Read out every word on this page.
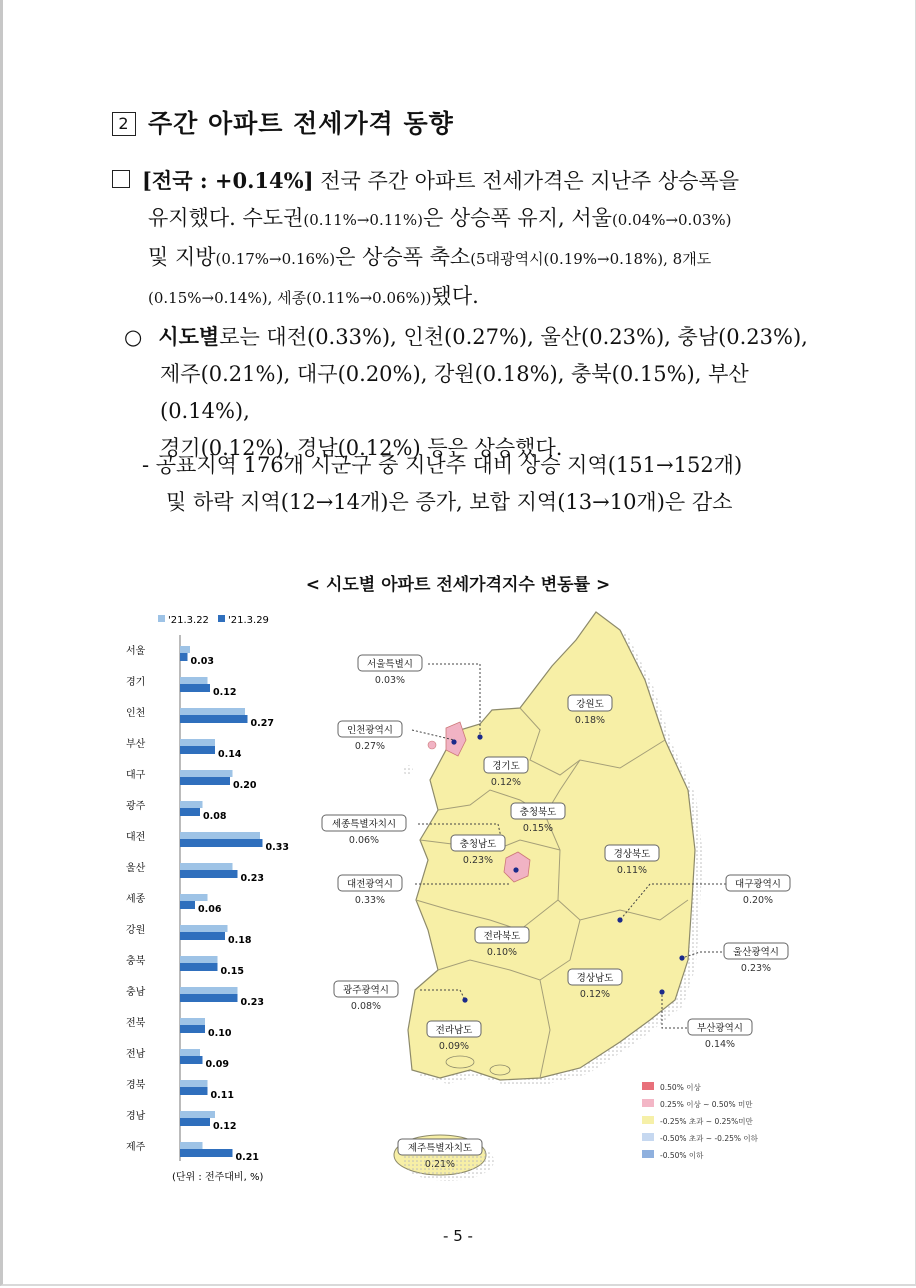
2 주간 아파트 전세가격 동향
[전국 : +0.14%] 전국 주간 아파트 전세가격은 지난주 상승폭을
유지했다. 수도권(0.11%→0.11%)은 상승폭 유지, 서울(0.04%→0.03%)
및 지방(0.17%→0.16%)은 상승폭 축소(5대광역시(0.19%→0.18%), 8개도
(0.15%→0.14%), 세종(0.11%→0.06%))됐다.
○ 시도별로는 대전(0.33%), 인천(0.27%), 울산(0.23%), 충남(0.23%),
제주(0.21%), 대구(0.20%), 강원(0.18%), 충북(0.15%), 부산(0.14%),
경기(0.12%), 경남(0.12%) 등은 상승했다.
- 공표지역 176개 시군구 중 지난주 대비 상승 지역(151→152개)
및 하락 지역(12→14개)은 증가, 보합 지역(13→10개)은 감소
< 시도별 아파트 전세가격지수 변동률 >
'21.3.22 '21.3.29
서울
0.03
경기
0.12
인천
0.27
부산
0.14
대구
0.20
광주
0.08
대전
0.33
울산
0.23
세종
0.06
강원
0.18
충북
0.15
충남
0.23
전북
0.10
전남
0.09
경북
0.11
경남
0.12
제주
0.21
(단위 : 전주대비, %)
서울특별시
0.03%
인천광역시
0.27%
경기도
0.12%
강원도
0.18%
충청북도
0.15%
세종특별자치시
0.06%	충청남도
0.23%
대전광역시
0.33%
경상북도
0.11%
대구광역시
0.20%
전라북도
0.10%	울산광역시
0.23%
광주광역시
0.08%
경상남도
0.12%
부산광역시
0.14%
전라남도
0.09%
제주특별자치도
0.21%
0.50% 이상
0.25% 이상 ~ 0.50% 미만
-0.25% 초과 ~ 0.25%미만
-0.50% 초과 ~ -0.25% 이하
-0.50% 이하
- 5 -
